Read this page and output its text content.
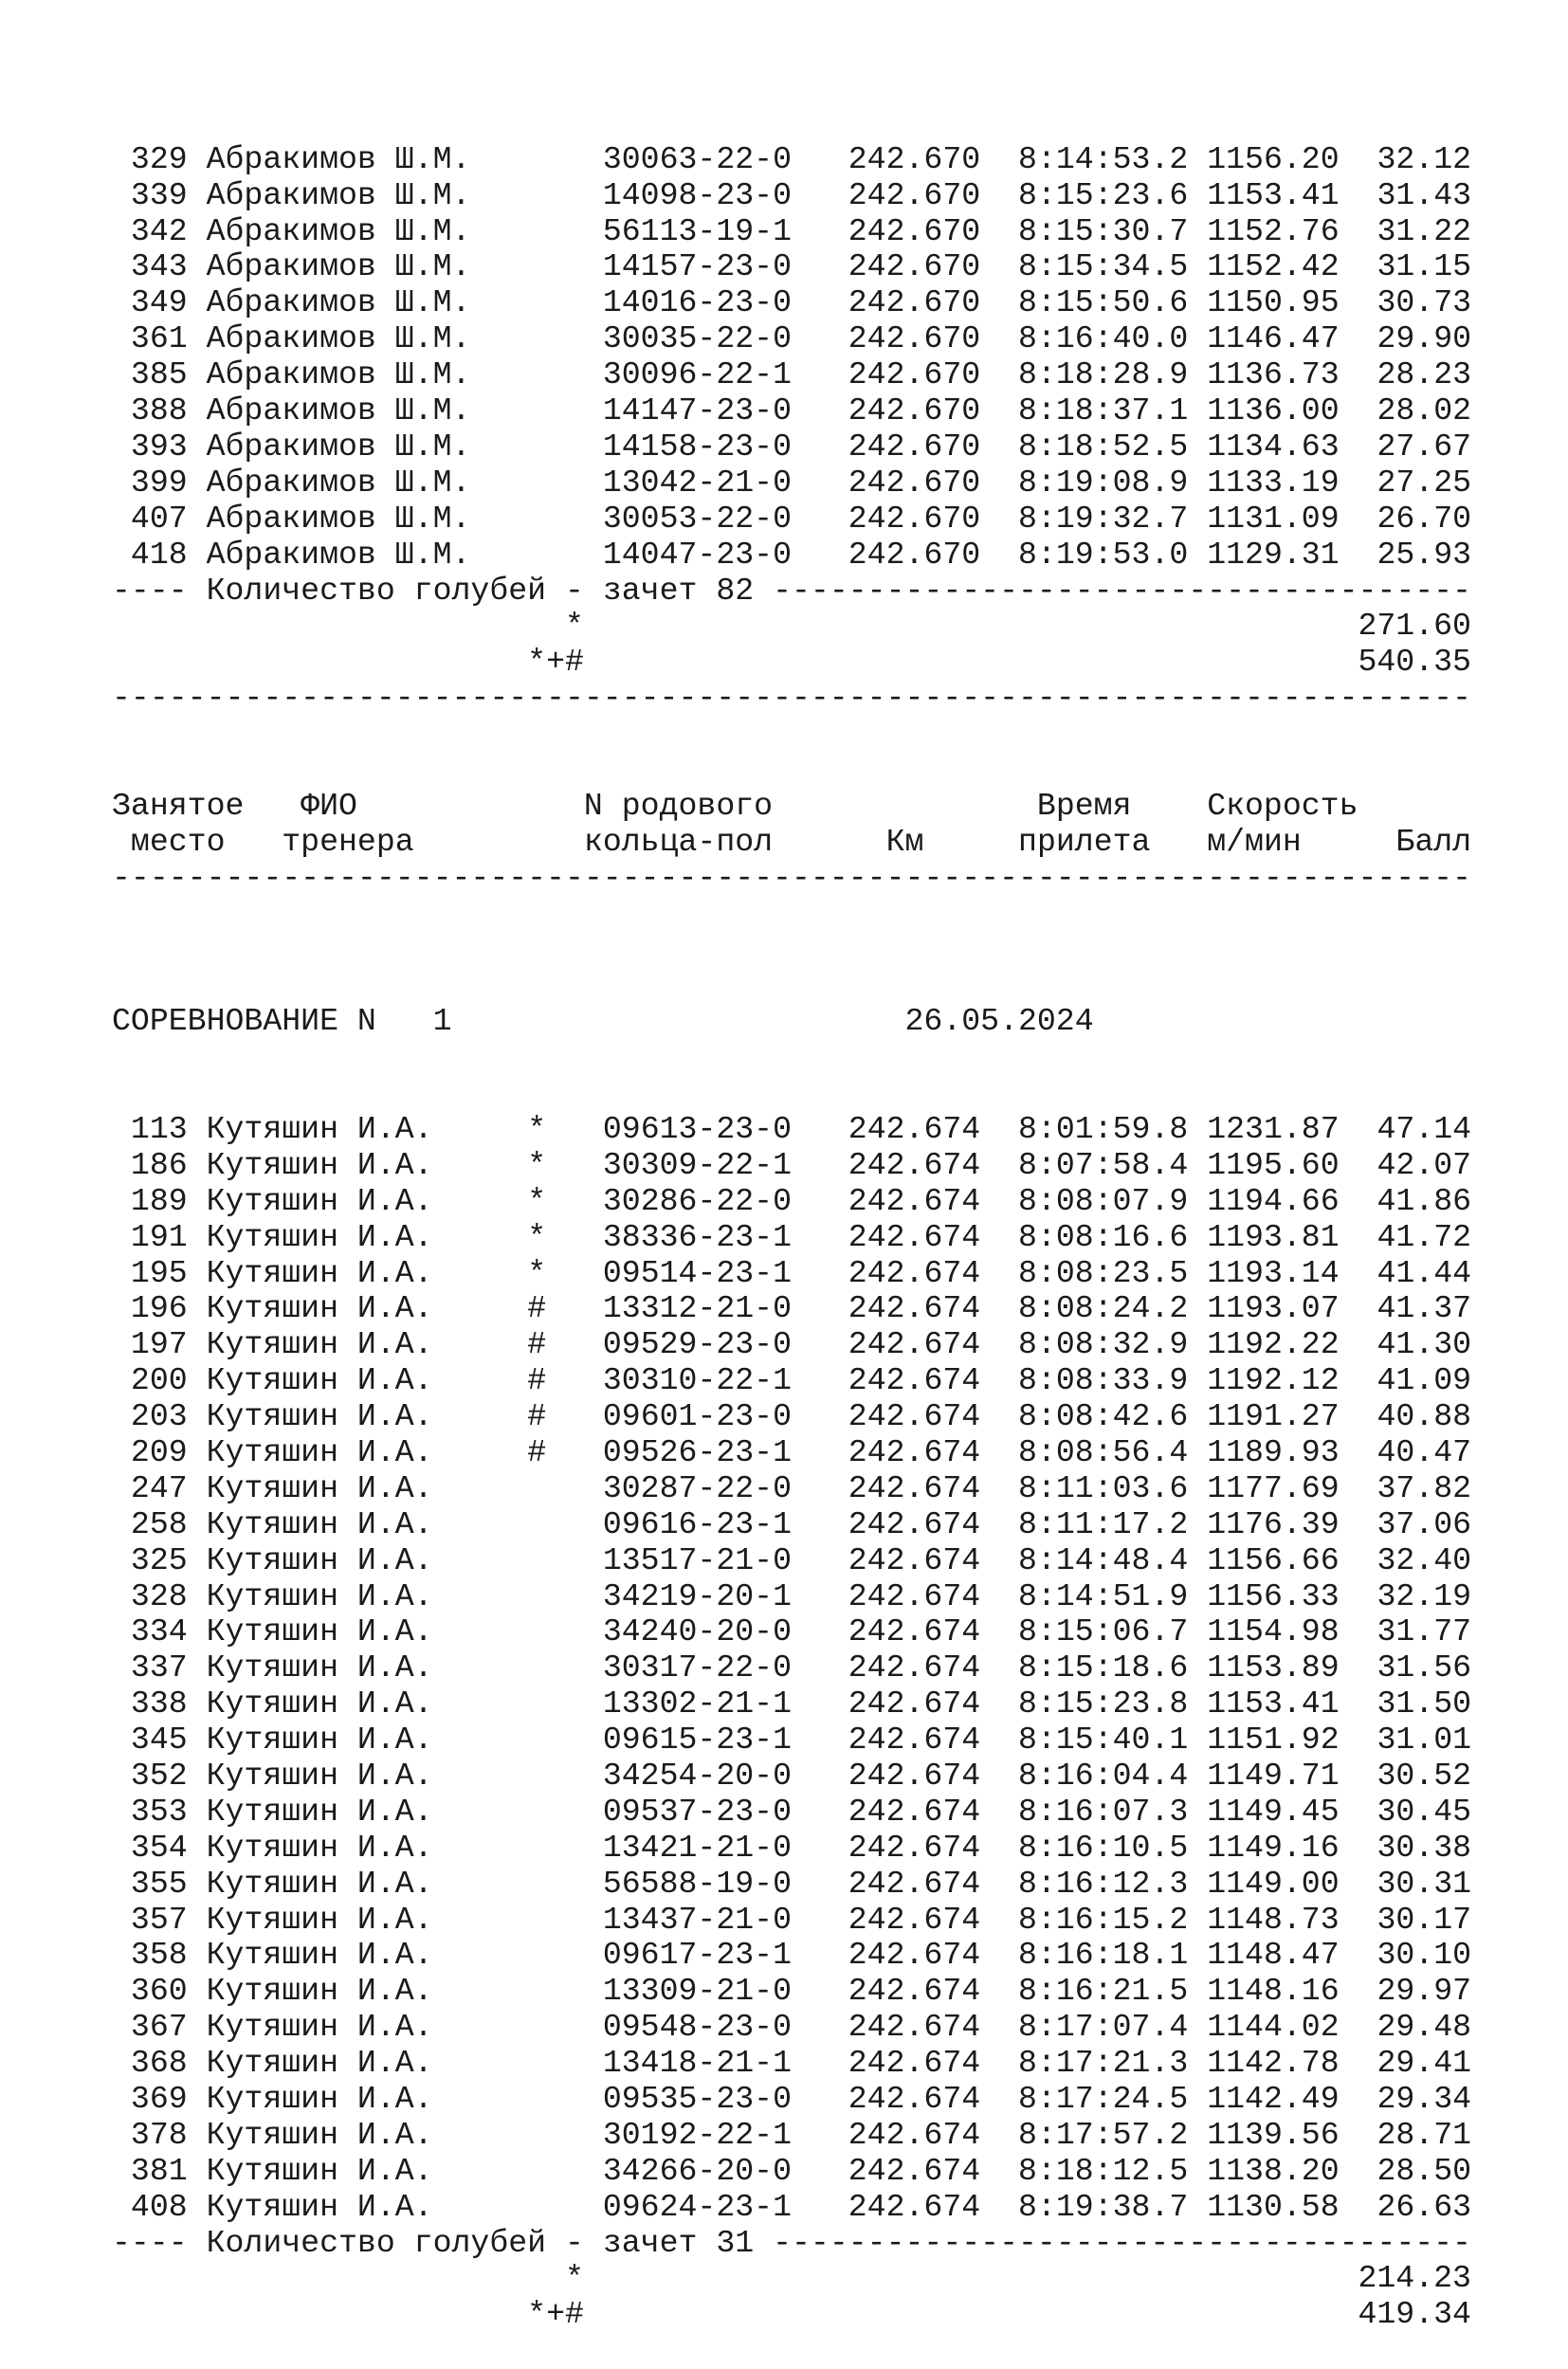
329 Абракимов Ш.М.	30063-22-0 242.670 8:14:53.2 1156.20 32.12
339 Абракимов Ш.М.	14098-23-0 242.670 8:15:23.6 1153.41 31.43
342 Абракимов Ш.М.	56113-19-1 242.670 8:15:30.7 1152.76 31.22
343 Абракимов Ш.М.	14157-23-0 242.670 8:15:34.5 1152.42 31.15
349 Абракимов Ш.М.	14016-23-0 242.670 8:15:50.6 1150.95 30.73
361 Абракимов Ш.М.	30035-22-0 242.670 8:16:40.0 1146.47 29.90
385 Абракимов Ш.М.	30096-22-1 242.670 8:18:28.9 1136.73 28.23
388 Абракимов Ш.М.	14147-23-0 242.670 8:18:37.1 1136.00 28.02
393 Абракимов Ш.М.	14158-23-0 242.670 8:18:52.5 1134.63 27.67
399 Абракимов Ш.М.	13042-21-0 242.670 8:19:08.9 1133.19 27.25
407 Абракимов Ш.М.	30053-22-0 242.670 8:19:32.7 1131.09 26.70
418 Абракимов Ш.М.	14047-23-0 242.670 8:19:53.0 1129.31 25.93
---- Количество голубей - зачет 82 -------------------------------------
*	271.60
*+#	540.35
------------------------------------------------------------------------

Занятое ФИО	N родового	Время Скорость
место тренера	кольца-пол	Км	прилета м/мин	Балл
------------------------------------------------------------------------

СОРЕВНОВАНИЕ N 1	26.05.2024

113 Кутяшин И.А.	* 09613-23-0 242.674 8:01:59.8 1231.87 47.14
186 Кутяшин И.А.	* 30309-22-1 242.674 8:07:58.4 1195.60 42.07
189 Кутяшин И.А.	* 30286-22-0 242.674 8:08:07.9 1194.66 41.86
191 Кутяшин И.А.	* 38336-23-1 242.674 8:08:16.6 1193.81 41.72
195 Кутяшин И.А.	* 09514-23-1 242.674 8:08:23.5 1193.14 41.44
196 Кутяшин И.А.	# 13312-21-0 242.674 8:08:24.2 1193.07 41.37
197 Кутяшин И.А.	# 09529-23-0 242.674 8:08:32.9 1192.22 41.30
200 Кутяшин И.А.	# 30310-22-1 242.674 8:08:33.9 1192.12 41.09
203 Кутяшин И.А.	# 09601-23-0 242.674 8:08:42.6 1191.27 40.88
209 Кутяшин И.А.	# 09526-23-1 242.674 8:08:56.4 1189.93 40.47
247 Кутяшин И.А.	30287-22-0 242.674 8:11:03.6 1177.69 37.82
258 Кутяшин И.А.	09616-23-1 242.674 8:11:17.2 1176.39 37.06
325 Кутяшин И.А.	13517-21-0 242.674 8:14:48.4 1156.66 32.40
328 Кутяшин И.А.	34219-20-1 242.674 8:14:51.9 1156.33 32.19
334 Кутяшин И.А.	34240-20-0 242.674 8:15:06.7 1154.98 31.77
337 Кутяшин И.А.	30317-22-0 242.674 8:15:18.6 1153.89 31.56
338 Кутяшин И.А.	13302-21-1 242.674 8:15:23.8 1153.41 31.50
345 Кутяшин И.А.	09615-23-1 242.674 8:15:40.1 1151.92 31.01
352 Кутяшин И.А.	34254-20-0 242.674 8:16:04.4 1149.71 30.52
353 Кутяшин И.А.	09537-23-0 242.674 8:16:07.3 1149.45 30.45
354 Кутяшин И.А.	13421-21-0 242.674 8:16:10.5 1149.16 30.38
355 Кутяшин И.А.	56588-19-0 242.674 8:16:12.3 1149.00 30.31
357 Кутяшин И.А.	13437-21-0 242.674 8:16:15.2 1148.73 30.17
358 Кутяшин И.А.	09617-23-1 242.674 8:16:18.1 1148.47 30.10
360 Кутяшин И.А.	13309-21-0 242.674 8:16:21.5 1148.16 29.97
367 Кутяшин И.А.	09548-23-0 242.674 8:17:07.4 1144.02 29.48
368 Кутяшин И.А.	13418-21-1 242.674 8:17:21.3 1142.78 29.41
369 Кутяшин И.А.	09535-23-0 242.674 8:17:24.5 1142.49 29.34
378 Кутяшин И.А.	30192-22-1 242.674 8:17:57.2 1139.56 28.71
381 Кутяшин И.А.	34266-20-0 242.674 8:18:12.5 1138.20 28.50
408 Кутяшин И.А.	09624-23-1 242.674 8:19:38.7 1130.58 26.63
---- Количество голубей - зачет 31 -------------------------------------
*	214.23
*+#	419.34
